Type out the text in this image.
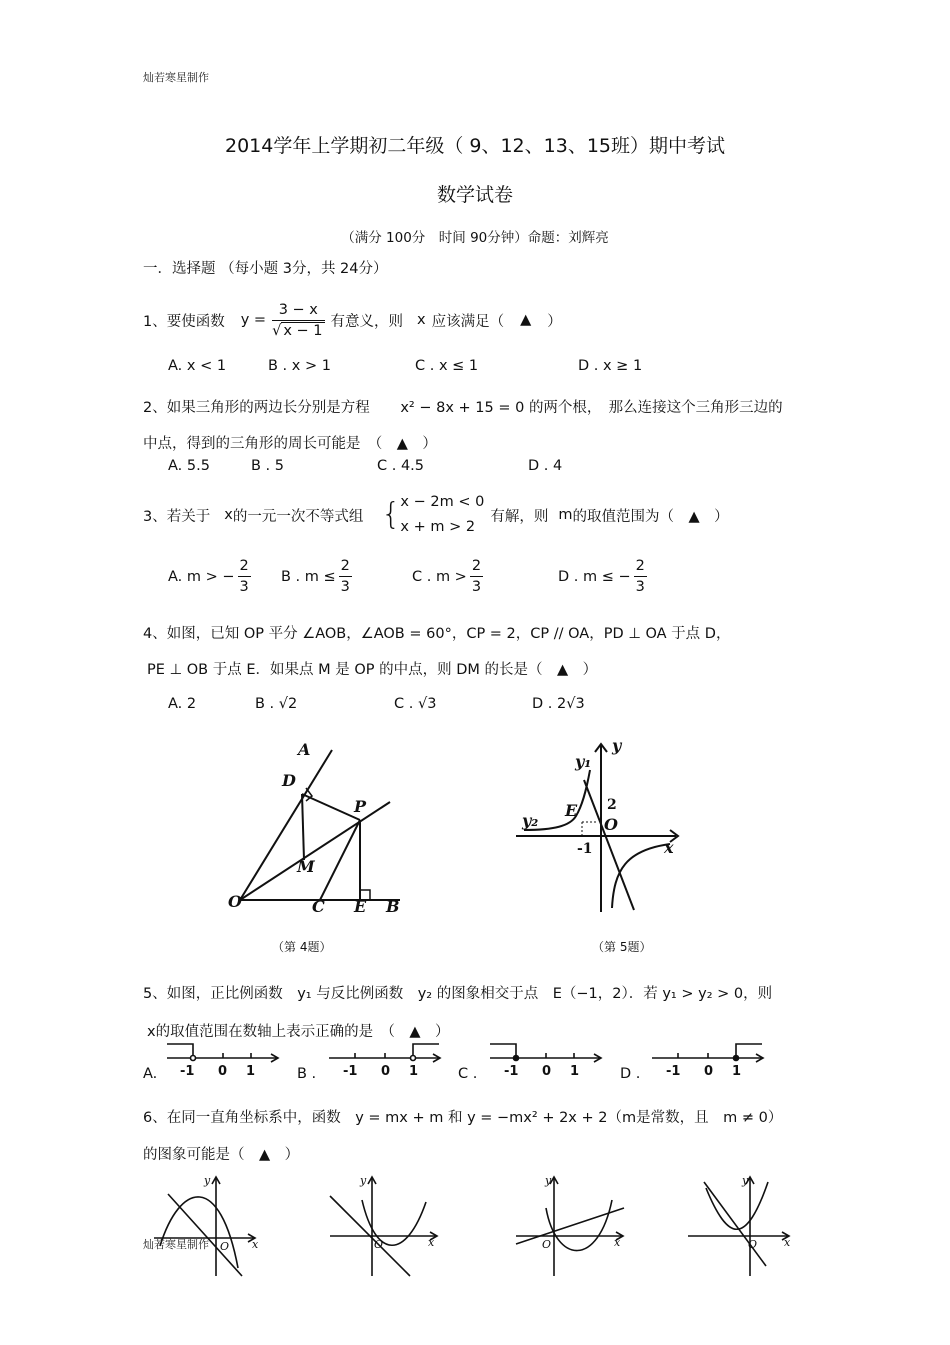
灿若寒星制作
2014学年上学期初二年级（ 9、12、13、15班）期中考试
数学试卷
（满分 100分　时间 90分钟）命题：刘辉亮
一．选择题 （每小题 3分，共 24分）
1、要使函数 $y = \frac{3 - x}{√ x - 1}$ 有意义，则 x 应该满足（ ▲ ）
A. x < 1	B . x > 1	C . x ≤ 1	D . x ≥ 1
2、如果三角形的两边长分别是方程 x² − 8x + 15 = 0 的两个根，　那么连接这个三角形三边的
中点，得到的三角形的周长可能是　（　▲　）
A. 5.5	B . 5	C . 4.5	D . 4
3、若关于 x 的一元一次不等式组 { x − 2m < 0
x + m > 2
有解，则 m 的取值范围为（　▲　）
A. m > − $\frac{2}{3}$ B . $m \le \frac{2}{3}$	C . $m > \frac{2}{3}$	D . m ≤ − $\frac{2}{3}$
4、如图，已知 OP 平分 ∠AOB，∠AOB = 60°，CP = 2，CP // OA，PD ⊥ OA 于点 D，
PE ⊥ OB 于点 E．如果点 M 是 OP 的中点，则 DM 的长是（　▲　）
A. 2	B . √2	C . √3	D . 2√3
A
D
P
M
O	C E B
（第 4题）
y
y₁
y₂
E 2
O
-1	x
（第 5题）
5、如图，正比例函数　y₁ 与反比例函数　y₂ 的图象相交于点　E（−1，2）．若 y₁ > y₂ > 0，则
x的取值范围在数轴上表示正确的是　（　▲　）
A.	B .	C .	D .
-1 0 1	-1 0 1	-1 0 1	-1 0 1
6、在同一直角坐标系中，函数　y = mx + m 和 y = −mx² + 2x + 2（m是常数，且　m ≠ 0）
的图象可能是（　▲　）
y
x
O
y
x
O
y
x
O
y
x
O
灿若寒星制作
